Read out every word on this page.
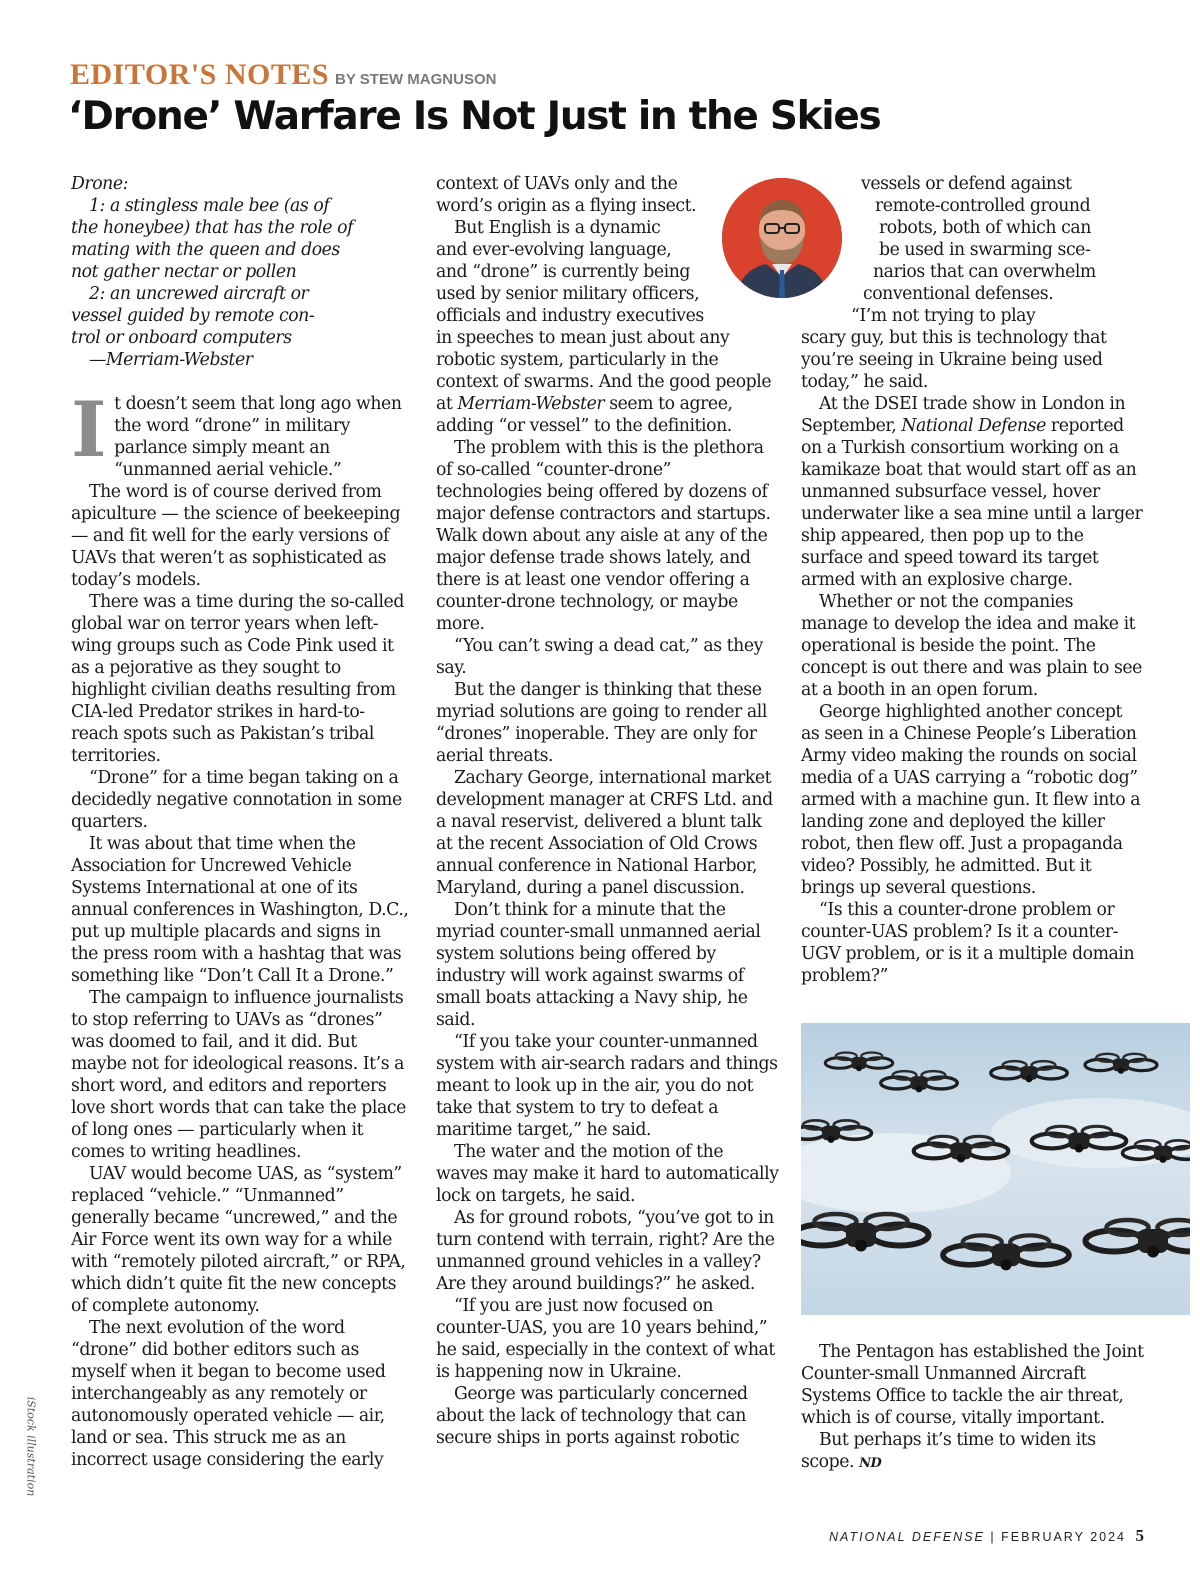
EDITOR'S NOTES BY STEW MAGNUSON
‘Drone’ Warfare Is Not Just in the Skies
Drone:
1: a stingless male bee (as of
the honeybee) that has the role of
mating with the queen and does
not gather nectar or pollen
2: an uncrewed aircraft or
vessel guided by remote con-
trol or onboard computers
—Merriam-Webster

It doesn’t seem that long ago when the word “drone” in military parlance simply meant an “unmanned aerial vehicle.”

The word is of course derived from apiculture — the science of beekeeping — and fit well for the early versions of UAVs that weren’t as sophisticated as today’s models.

There was a time during the so-called global war on terror years when left-wing groups such as Code Pink used it as a pejorative as they sought to highlight civilian deaths resulting from CIA-led Predator strikes in hard-to-reach spots such as Pakistan’s tribal territories.

“Drone” for a time began taking on a decidedly negative connotation in some quarters.

It was about that time when the Association for Uncrewed Vehicle Systems International at one of its annual conferences in Washington, D.C., put up multiple placards and signs in the press room with a hashtag that was something like “Don’t Call It a Drone.”

The campaign to influence journalists to stop referring to UAVs as “drones” was doomed to fail, and it did. But maybe not for ideological reasons. It’s a short word, and editors and reporters love short words that can take the place of long ones — particularly when it comes to writing headlines.

UAV would become UAS, as “system” replaced “vehicle.” “Unmanned” generally became “uncrewed,” and the Air Force went its own way for a while with “remotely piloted aircraft,” or RPA, which didn’t quite fit the new concepts of complete autonomy.

The next evolution of the word “drone” did bother editors such as myself when it began to become used interchangeably as any remotely or autonomously operated vehicle — air, land or sea. This struck me as an incorrect usage considering the early

context of UAVs only and the
word’s origin as a flying insect.

But English is a dynamic

and ever-evolving language,
and “drone” is currently being
used by senior military officers,
officials and industry executives
in speeches to mean just about any robotic system, particularly in the context of swarms. And the good people at Merriam-Webster seem to agree, adding “or vessel” to the definition.

The problem with this is the plethora of so-called “counter-drone” technologies being offered by dozens of major defense contractors and startups. Walk down about any aisle at any of the major defense trade shows lately, and there is at least one vendor offering a counter-drone technology, or maybe more.

“You can’t swing a dead cat,” as they say.

But the danger is thinking that these myriad solutions are going to render all “drones” inoperable. They are only for aerial threats.

Zachary George, international market development manager at CRFS Ltd. and a naval reservist, delivered a blunt talk at the recent Association of Old Crows annual conference in National Harbor, Maryland, during a panel discussion.

Don’t think for a minute that the myriad counter-small unmanned aerial system solutions being offered by industry will work against swarms of small boats attacking a Navy ship, he said.

“If you take your counter-unmanned system with air-search radars and things meant to look up in the air, you do not take that system to try to defeat a maritime target,” he said.

The water and the motion of the waves may make it hard to automatically lock on targets, he said.

As for ground robots, “you’ve got to in turn contend with terrain, right? Are the unmanned ground vehicles in a valley? Are they around buildings?” he asked.

“If you are just now focused on counter-UAS, you are 10 years behind,” he said, especially in the context of what is happening now in Ukraine.

George was particularly concerned about the lack of technology that can secure ships in ports against robotic

vessels or defend against
remote-controlled ground
robots, both of which can
be used in swarming sce-
narios that can overwhelm
conventional defenses.
“I’m not trying to play

scary guy, but this is technology that you’re seeing in Ukraine being used today,” he said.

At the DSEI trade show in London in September, National Defense reported on a Turkish consortium working on a kamikaze boat that would start off as an unmanned subsurface vessel, hover underwater like a sea mine until a larger ship appeared, then pop up to the surface and speed toward its target armed with an explosive charge.

Whether or not the companies manage to develop the idea and make it operational is beside the point. The concept is out there and was plain to see at a booth in an open forum.

George highlighted another concept as seen in a Chinese People’s Liberation Army video making the rounds on social media of a UAS carrying a “robotic dog” armed with a machine gun. It flew into a landing zone and deployed the killer robot, then flew off. Just a propaganda video? Possibly, he admitted. But it brings up several questions.

“Is this a counter-drone problem or counter-UAS problem? Is it a counter-UGV problem, or is it a multiple domain problem?”

The Pentagon has established the Joint Counter-small Unmanned Aircraft Systems Office to tackle the air threat, which is of course, vitally important.

But perhaps it’s time to widen its scope. ND

iStock illustration
NATIONAL DEFENSE | FEBRUARY 2024 5
